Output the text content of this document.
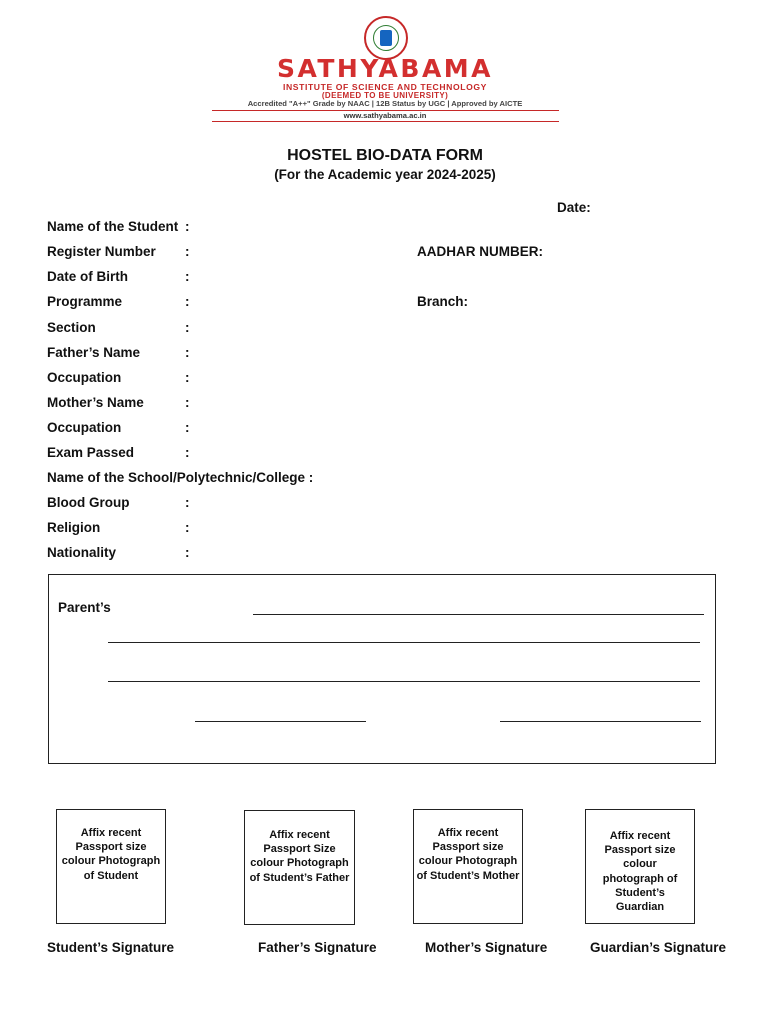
SATHYABAMA
INSTITUTE OF SCIENCE AND TECHNOLOGY
(DEEMED TO BE UNIVERSITY)
Accredited "A++" Grade by NAAC | 12B Status by UGC | Approved by AICTE
www.sathyabama.ac.in
HOSTEL BIO-DATA FORM
(For the Academic year 2024-2025)
Date:
Name of the Student :
Register Number :
Date of Birth	:
Programme	:
Section	:
Father’s Name	:
Occupation	:
Mother’s Name	:
Occupation	:
Exam Passed	:
Name of the School/Polytechnic/College :
Blood Group	:
Religion	:
Nationality	:
AADHAR NUMBER:
Branch:
Parent’s
Affix recent
Passport size
colour Photograph
of Student
Affix recent
Passport Size
colour Photograph
of Student’s Father
Affix recent
Passport size
colour Photograph
of Student’s Mother
Affix recent
Passport size
colour
photograph of
Student’s
Guardian
Student’s Signature	Father’s Signature	Mother’s Signature	Guardian’s Signature
